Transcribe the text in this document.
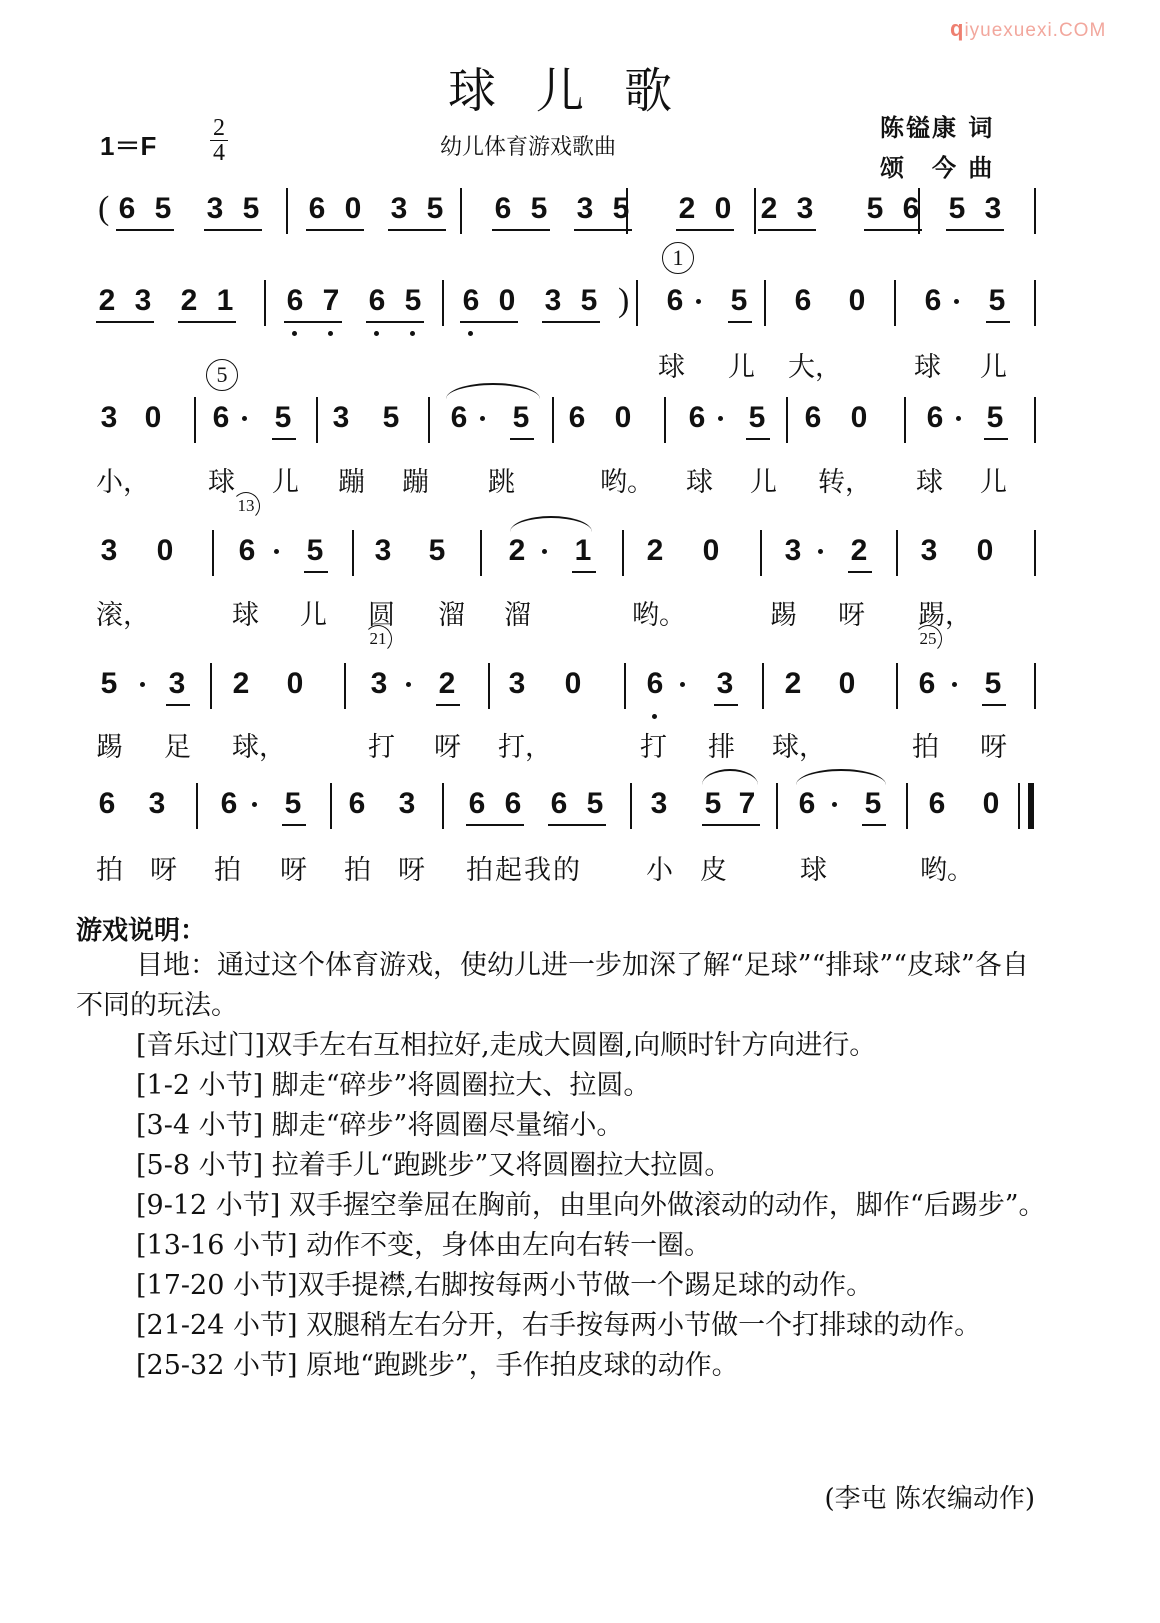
qiyuexuexi.COM
球儿歌
$1=F \frac{2}{4}$	幼儿体育游戏歌曲
陈镒康 词
颂　今 曲
6 5 3 5 6 0 3 5 6 5 3 5 2 0 2 3 5 6 5 3
(
2 3 2 1 6 7 6 5 6 0 3 5 6 5 6 0 6 5
)
1
3 0 6 5 3 5 6 5 6 0 6 5 6 0 6 5
5
3 0 6 5 3 5 2 1 2 0 3 2 3 0
13
5 3 2 0 3 2 3 0 6 3 2 0 6 5
21	25
6 3 6 5 6 3 6 6 6 5 3 5 7 6 5 6 0
游戏说明：

目地：通过这个体育游戏，使幼儿进一步加深了解“足球”“排球”“皮球”各自不同的玩法。

[音乐过门]双手左右互相拉好,走成大圆圈,向顺时针方向进行。

[1-2 小节] 脚走“碎步”将圆圈拉大、拉圆。

[3-4 小节] 脚走“碎步”将圆圈尽量缩小。

[5-8 小节] 拉着手儿“跑跳步”又将圆圈拉大拉圆。

[9-12 小节] 双手握空拳屈在胸前，由里向外做滚动的动作，脚作“后踢步”。

[13-16 小节] 动作不变，身体由左向右转一圈。

[17-20 小节]双手提襟,右脚按每两小节做一个踢足球的动作。

[21-24 小节] 双腿稍左右分开，右手按每两小节做一个打排球的动作。

[25-32 小节] 原地“跑跳步”，手作拍皮球的动作。

(李屯 陈农编动作)
球 儿 大，	球 儿
小， 球 儿 蹦 蹦 跳	哟。 球 儿 转， 球 儿
滚，	球 儿 圆 溜 溜	哟。	踢 呀 踢，
踢 足 球，	打 呀 打，	打 排 球，	拍 呀
拍 呀 拍 呀 拍 呀 拍起我的 小 皮	球	哟。
